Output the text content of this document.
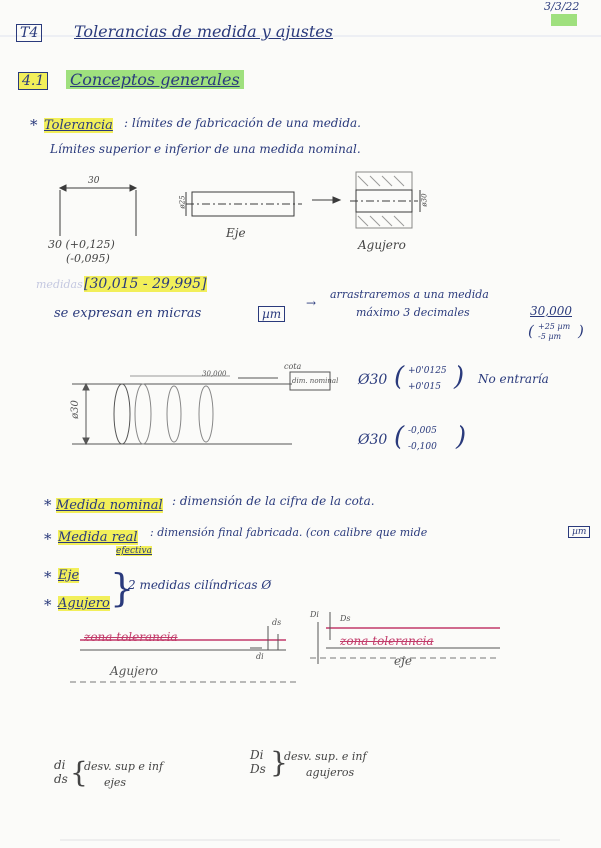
3/3/22
T4 Tolerancias de medida y ajustes
4.1 Conceptos generales
* Tolerancia : límites de fabricación de una medida.
Límites superior e inferior de una medida nominal.
30
ø25	ø30
30 (+0,125)
(-0,095)
Eje
Agujero
medidas [30,015 - 29,995]
se expresan en micras	µm
→
arrastraremos a una medida
máximo 3 decimales	30,000
( +25 µm
-5 µm )
ø30
30,000
cota
dim. nominal Ø30 ( +0'0125
+0'015 ) No entraría
Ø30 ( -0,005
-0,100 )
* Medida nominal : dimensión de la cifra de la cota.
* Medida real
efectiva
: dimensión final fabricada. (con calibre que mide	µm
* Eje
* Agujero }
2 medidas cilíndricas Ø
zona tolerancia
Agujero
zona tolerancia
eje
ds
di
Ds
Di
di
ds {
desv. sup e inf
ejes
Di
Ds }
desv. sup. e inf
agujeros
